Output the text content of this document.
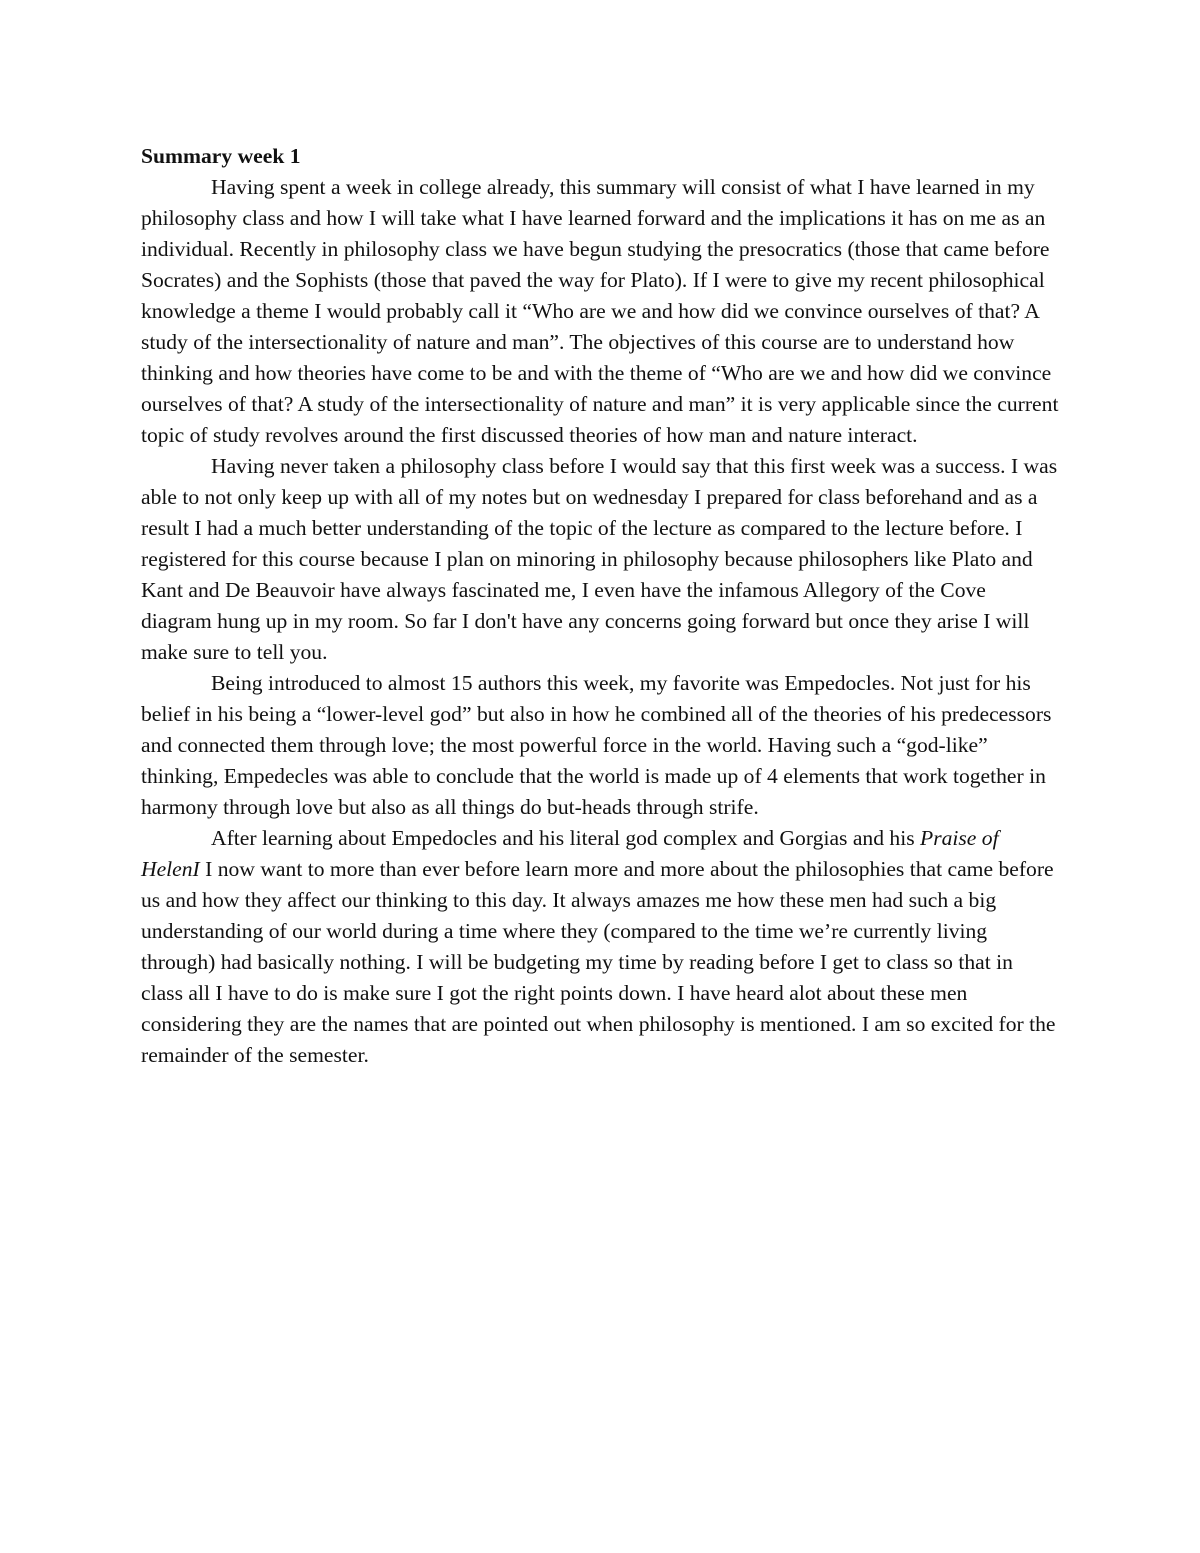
Summary week 1

Having spent a week in college already, this summary will consist of what I have learned in my philosophy class and how I will take what I have learned forward and the implications it has on me as an individual. Recently in philosophy class we have begun studying the presocratics (those that came before Socrates) and the Sophists (those that paved the way for Plato). If I were to give my recent philosophical knowledge a theme I would probably call it “Who are we and how did we convince ourselves of that? A study of the intersectionality of nature and man”. The objectives of this course are to understand how thinking and how theories have come to be and with the theme of “Who are we and how did we convince ourselves of that? A study of the intersectionality of nature and man” it is very applicable since the current topic of study revolves around the first discussed theories of how man and nature interact.

Having never taken a philosophy class before I would say that this first week was a success. I was able to not only keep up with all of my notes but on wednesday I prepared for class beforehand and as a result I had a much better understanding of the topic of the lecture as compared to the lecture before. I registered for this course because I plan on minoring in philosophy because philosophers like Plato and Kant and De Beauvoir have always fascinated me, I even have the infamous Allegory of the Cove diagram hung up in my room. So far I don't have any concerns going forward but once they arise I will make sure to tell you.

Being introduced to almost 15 authors this week, my favorite was Empedocles. Not just for his belief in his being a “lower-level god” but also in how he combined all of the theories of his predecessors and connected them through love; the most powerful force in the world. Having such a “god-like” thinking, Empedecles was able to conclude that the world is made up of 4 elements that work together in harmony through love but also as all things do but-heads through strife.

After learning about Empedocles and his literal god complex and Gorgias and his Praise of HelenI I now want to more than ever before learn more and more about the philosophies that came before us and how they affect our thinking to this day. It always amazes me how these men had such a big understanding of our world during a time where they (compared to the time we’re currently living through) had basically nothing. I will be budgeting my time by reading before I get to class so that in class all I have to do is make sure I got the right points down. I have heard alot about these men considering they are the names that are pointed out when philosophy is mentioned. I am so excited for the remainder of the semester.
